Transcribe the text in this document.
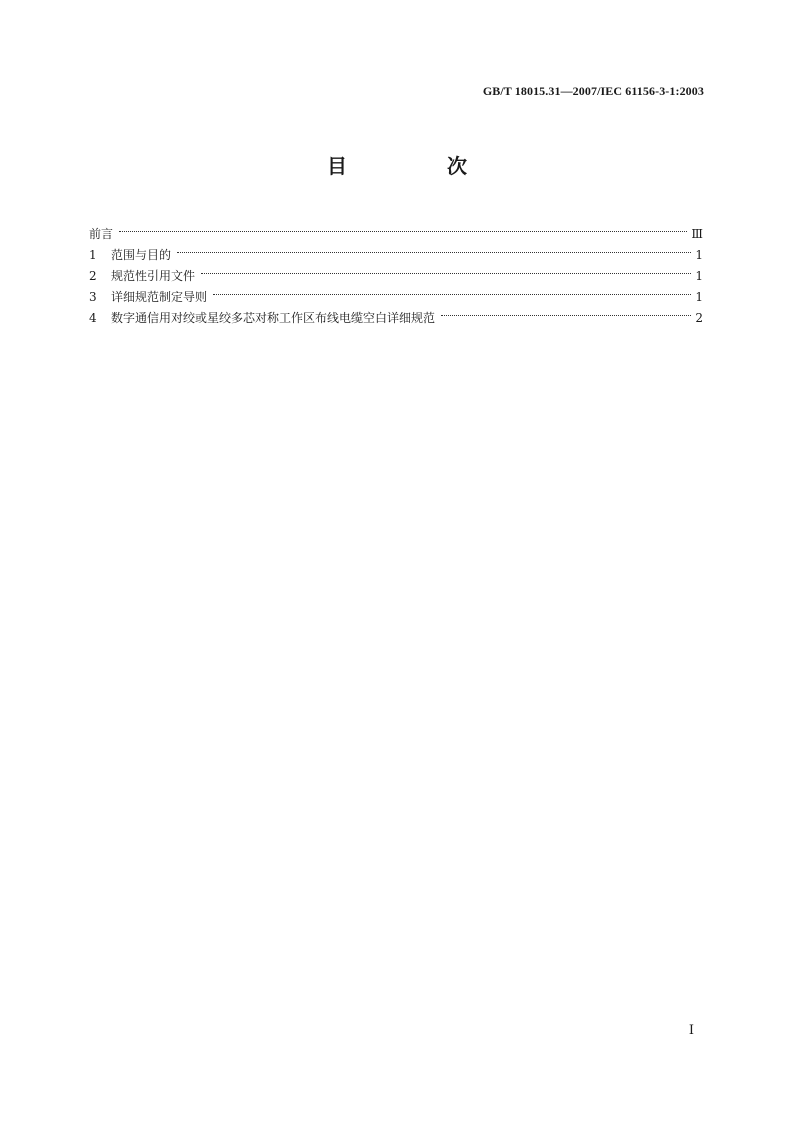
GB/T 18015.31—2007/IEC 61156-3-1:2003
目　次
前言	Ⅲ
1	范围与目的	1
2	规范性引用文件	1
3	详细规范制定导则	1
4	数字通信用对绞或星绞多芯对称工作区布线电缆空白详细规范	2
Ⅰ
